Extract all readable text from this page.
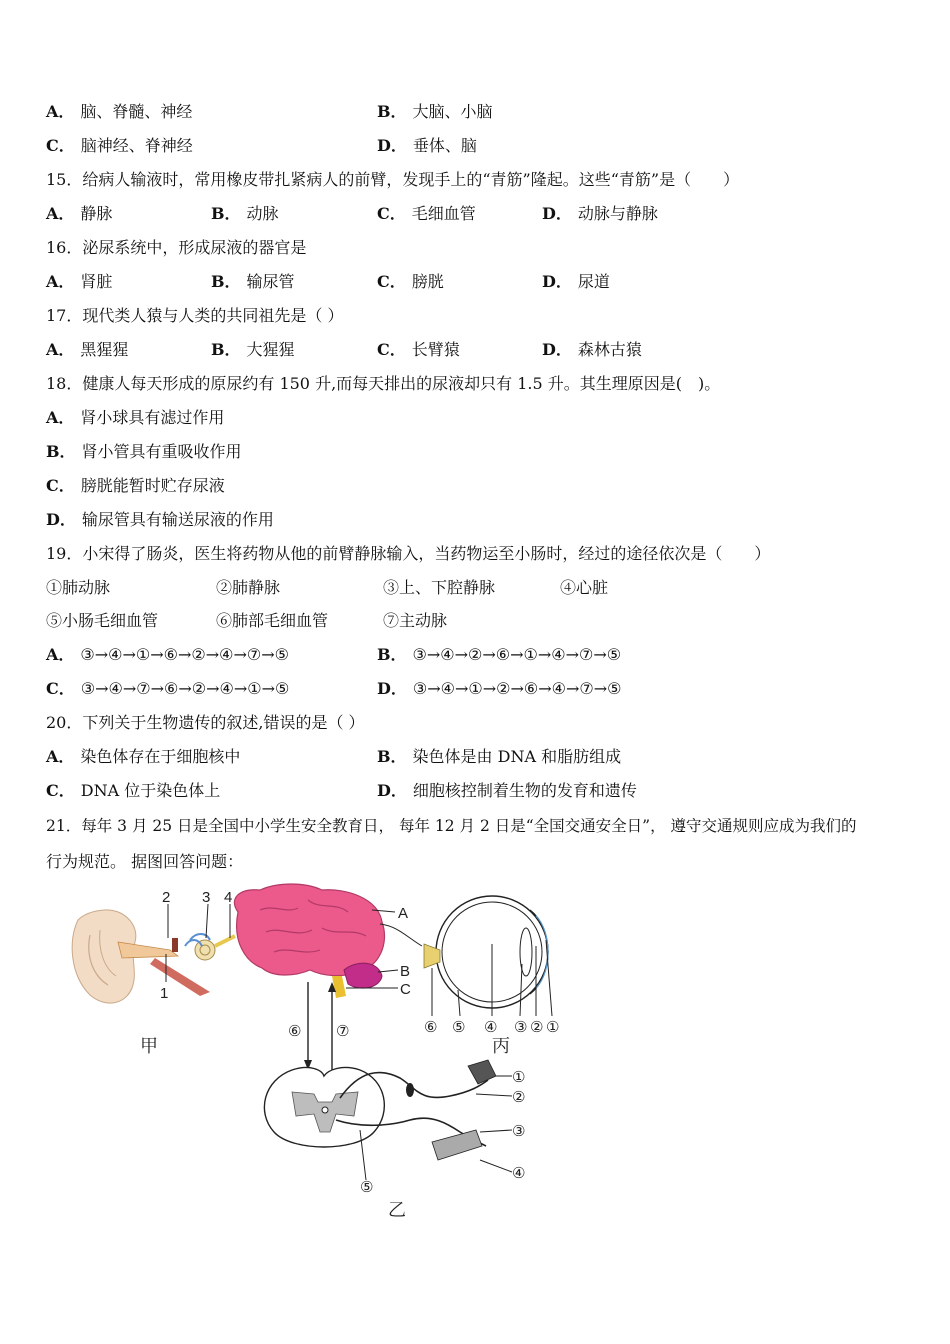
A． 脑、脊髓、神经	B． 大脑、小脑
C． 脑神经、脊神经	D． 垂体、脑
15．给病人输液时，常用橡皮带扎紧病人的前臂，发现手上的“青筋”隆起。这些“青筋”是（　　）
A． 静脉	B． 动脉	C． 毛细血管	D． 动脉与静脉
16．泌尿系统中，形成尿液的器官是
A． 肾脏	B． 输尿管	C． 膀胱	D． 尿道
17．现代类人猿与人类的共同祖先是（ ）
A． 黑猩猩	B． 大猩猩	C． 长臂猿	D． 森林古猿
18．健康人每天形成的原尿约有 150 升,而每天排出的尿液却只有 1.5 升。其生理原因是(　)。
A． 肾小球具有滤过作用
B． 肾小管具有重吸收作用
C． 膀胱能暂时贮存尿液
D． 输尿管具有输送尿液的作用
19．小宋得了肠炎，医生将药物从他的前臂静脉输入，当药物运至小肠时，经过的途径依次是（　　）
①肺动脉	②肺静脉	③上、下腔静脉	④心脏
⑤小肠毛细血管	⑥肺部毛细血管	⑦主动脉
A． ③→④→①→⑥→②→④→⑦→⑤	B． ③→④→②→⑥→①→④→⑦→⑤
C． ③→④→⑦→⑥→②→④→①→⑤	D． ③→④→①→②→⑥→④→⑦→⑤
20．下列关于生物遗传的叙述,错误的是（ ）
A． 染色体存在于细胞核中	B． 染色体是由 DNA 和脂肪组成
C． DNA 位于染色体上	D． 细胞核控制着生物的发育和遗传
21．每年 3 月 25 日是全国中小学生安全教育日， 每年 12 月 2 日是“全国交通安全日”， 遵守交通规则应成为我们的
行为规范。 据图回答问题：
2 3 4
1
甲
A
B
C
⑥ ⑤ ④ ③ ② ①
丙
⑥ ⑦
①
②
③
④
⑤
乙
